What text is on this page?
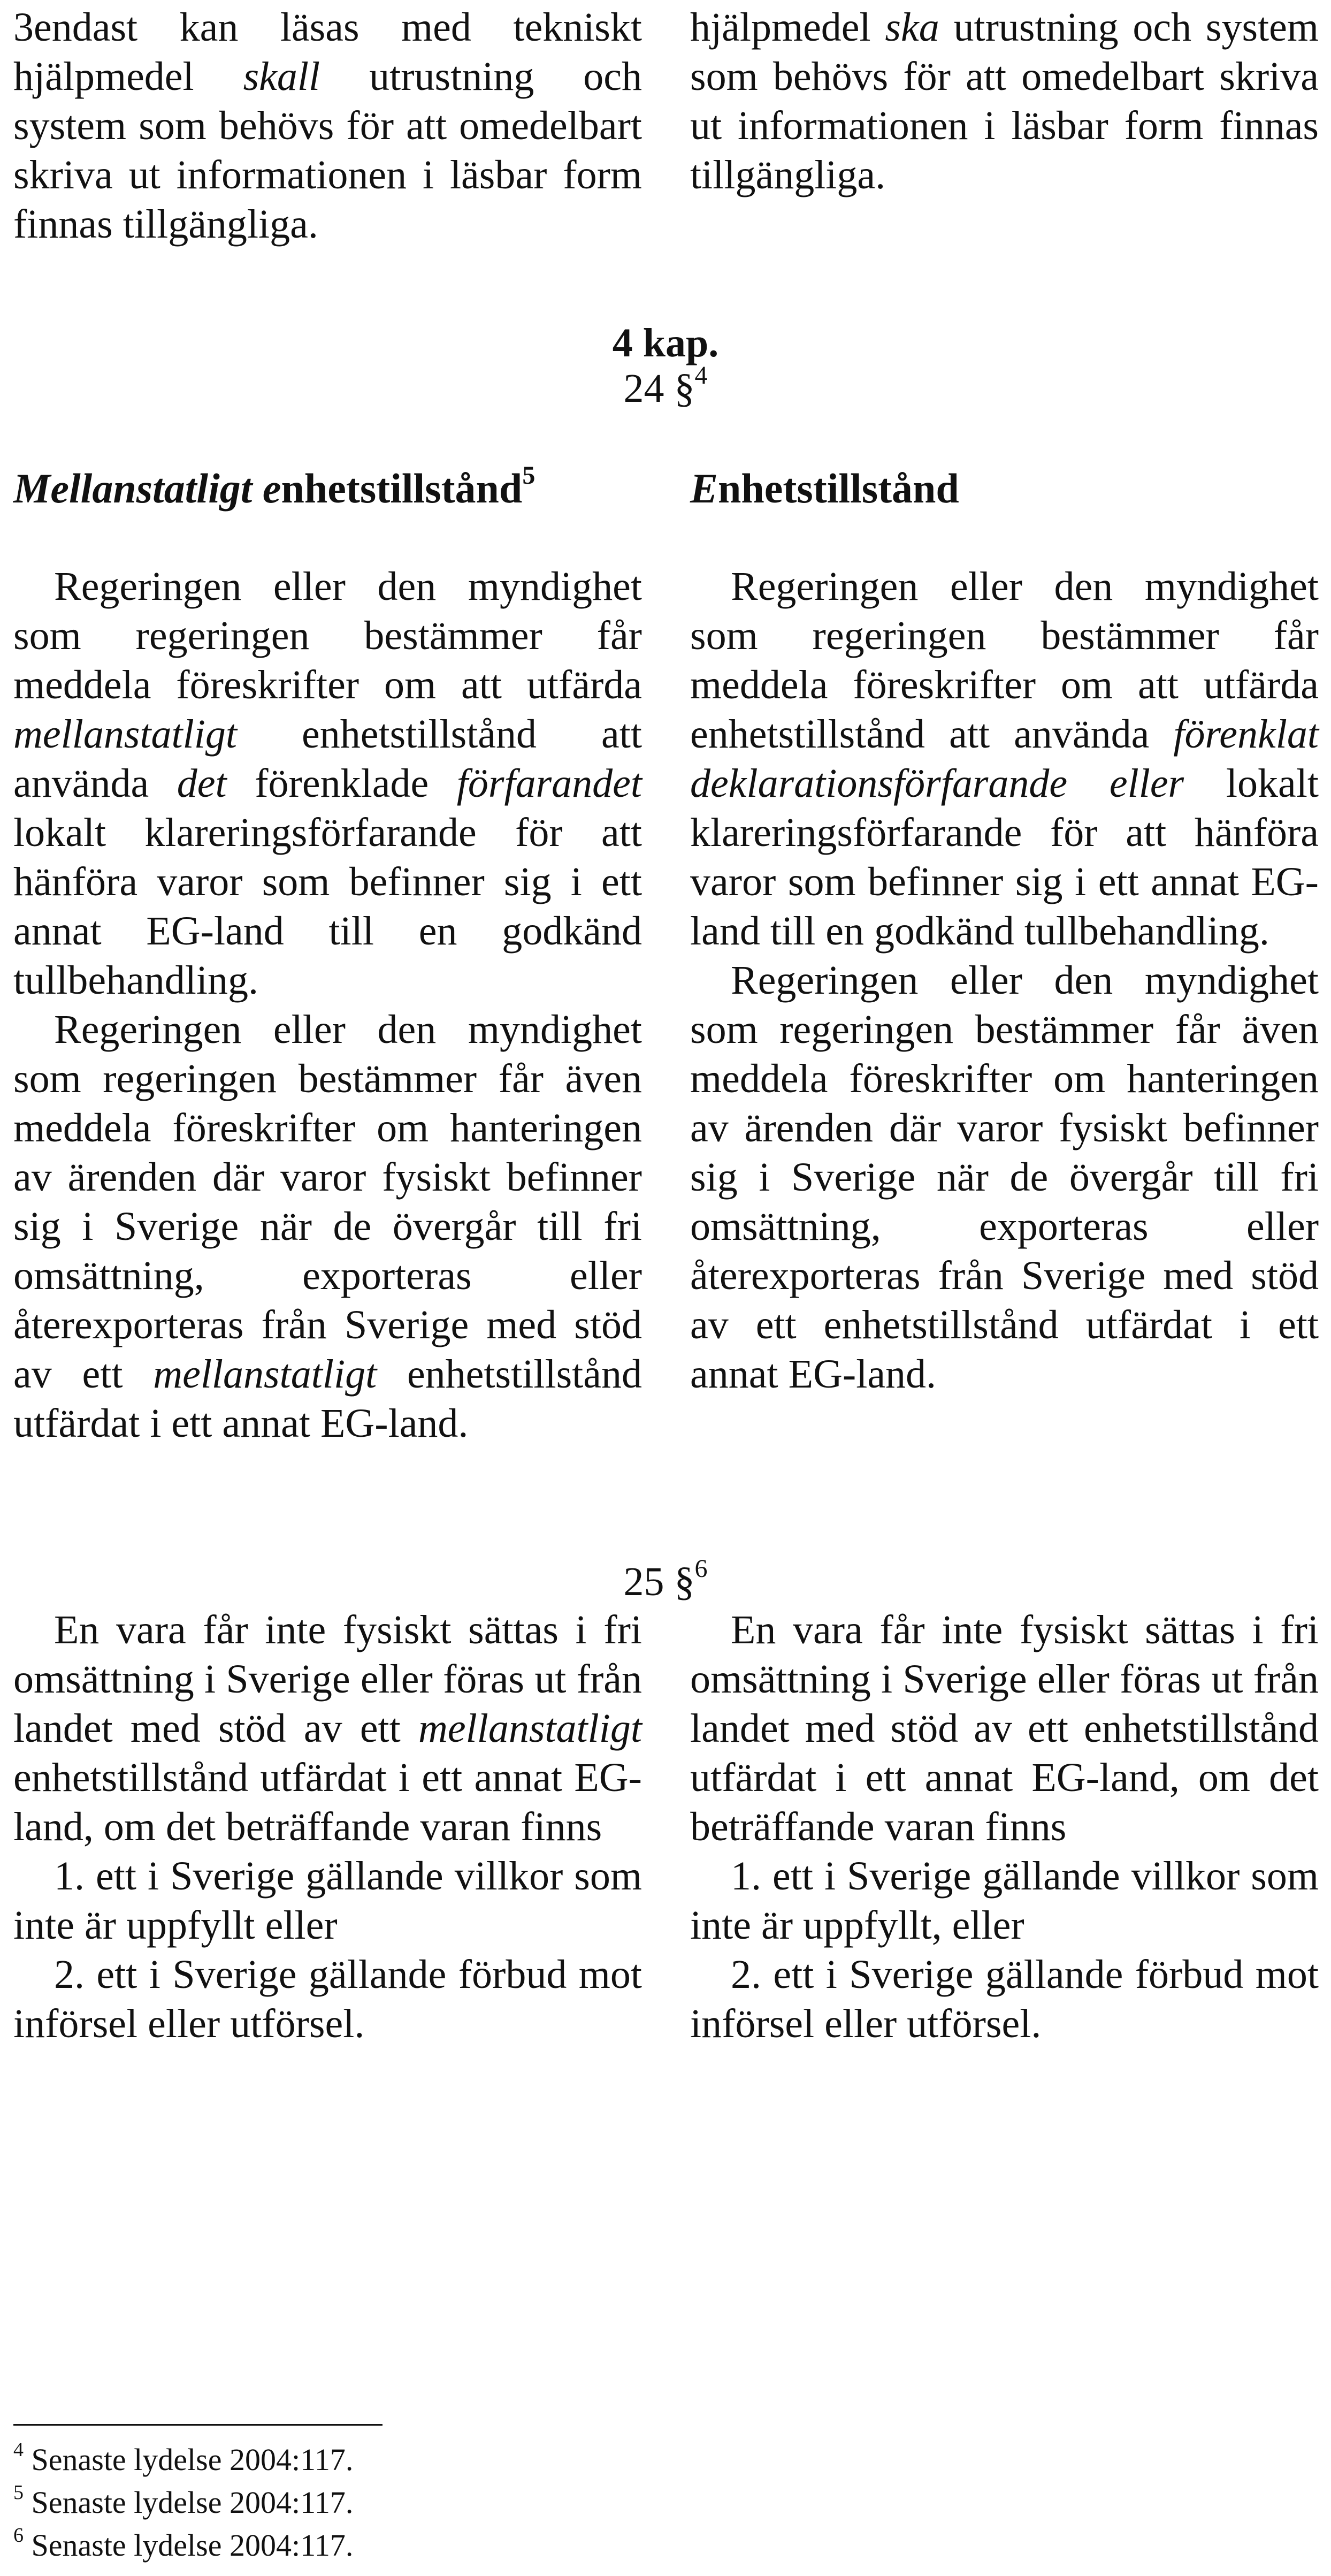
3endast kan läsas med tekniskt hjälpmedel skall utrustning och system som behövs för att omedelbart skriva ut informationen i läsbar form finnas tillgängliga.

hjälpmedel ska utrustning och system som behövs för att omedelbart skriva ut informationen i läsbar form finnas tillgängliga.

4 kap.
24 §$^4$
Mellanstatligt enhetstillstånd$^5$	Enhetstillstånd

Regeringen eller den myndighet som regeringen bestämmer får meddela föreskrifter om att utfärda mellanstatligt enhetstillstånd att använda det förenklade förfarandet lokalt klareringsförfarande för att hänföra varor som befinner sig i ett annat EG-land till en godkänd tullbehandling.

Regeringen eller den myndighet som regeringen bestämmer får även meddela föreskrifter om hanteringen av ärenden där varor fysiskt befinner sig i Sverige när de övergår till fri omsättning, exporteras eller återexporteras från Sverige med stöd av ett mellanstatligt enhetstillstånd utfärdat i ett annat EG-land.

Regeringen eller den myndighet som regeringen bestämmer får meddela föreskrifter om att utfärda enhetstillstånd att använda förenklat deklarationsförfarande eller lokalt klareringsförfarande för att hänföra varor som befinner sig i ett annat EG-land till en godkänd tullbehandling.

Regeringen eller den myndighet som regeringen bestämmer får även meddela föreskrifter om hanteringen av ärenden där varor fysiskt befinner sig i Sverige när de övergår till fri omsättning, exporteras eller återexporteras från Sverige med stöd av ett enhetstillstånd utfärdat i ett annat EG-land.

25 §$^6$

En vara får inte fysiskt sättas i fri omsättning i Sverige eller föras ut från landet med stöd av ett mellanstatligt enhetstillstånd utfärdat i ett annat EG-land, om det beträffande varan finns

1. ett i Sverige gällande villkor som inte är uppfyllt eller

2. ett i Sverige gällande förbud mot införsel eller utförsel.

En vara får inte fysiskt sättas i fri omsättning i Sverige eller föras ut från landet med stöd av ett enhetstillstånd utfärdat i ett annat EG-land, om det beträffande varan finns

1. ett i Sverige gällande villkor som inte är uppfyllt, eller

2. ett i Sverige gällande förbud mot införsel eller utförsel.

$^4$ Senaste lydelse 2004:117.
$^5$ Senaste lydelse 2004:117.
$^6$ Senaste lydelse 2004:117.
